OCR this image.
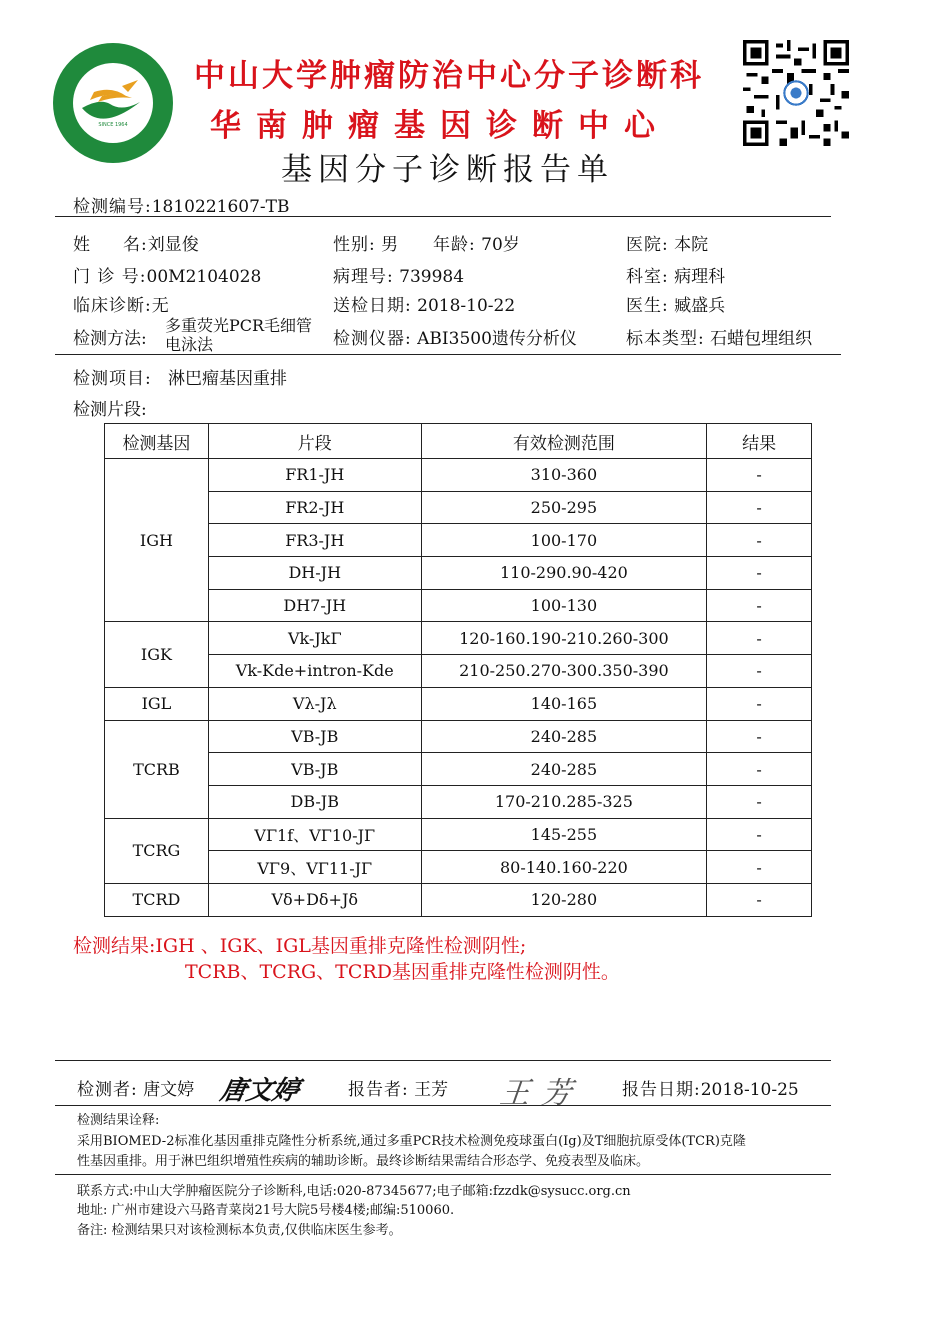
SINCE 1964
中山大学肿瘤防治中心分子诊断科
华南肿瘤基因诊断中心
基因分子诊断报告单
检测编号:1810221607-TB
姓     名:刘显俊	性别: 男 年龄: 70岁	医院: 本院
门 诊 号:00M2104028	病理号: 739984	科室: 病理科
临床诊断:无	送检日期: 2018-10-22	医生: 臧盛兵
检测方法:
多重荧光PCR毛细管
电泳法	检测仪器: ABI3500遗传分析仪	标本类型: 石蜡包埋组织
检测项目: 淋巴瘤基因重排
检测片段:
检测基因	片段	有效检测范围	结果
IGH	FR1-JH	310-360	-
	FR2-JH	250-295	-
	FR3-JH	100-170	-
	DH-JH	110-290.90-420	-
	DH7-JH	100-130	-
IGK	Vk-JkΓ	120-160.190-210.260-300	-
	Vk-Kde+intron-Kde	210-250.270-300.350-390	-
IGL	Vλ-Jλ	140-165	-
TCRB	VB-JB	240-285	-
	VB-JB	240-285	-
	DB-JB	170-210.285-325	-
TCRG	VΓ1f、VΓ10-JΓ	145-255	-
	VΓ9、VΓ11-JΓ	80-140.160-220	-
TCRD	Vδ+Dδ+Jδ	120-280	-
检测结果:IGH 、IGK、IGL基因重排克隆性检测阴性;
TCRB、TCRG、TCRD基因重排克隆性检测阴性。
检测者: 唐文婷 唐文婷	报告者: 王芳 王芳 报告日期:2018-10-25
检测结果诠释:
采用BIOMED-2标准化基因重排克隆性分析系统,通过多重PCR技术检测免疫球蛋白(Ig)及T细胞抗原受体(TCR)克隆
性基因重排。用于淋巴组织增殖性疾病的辅助诊断。最终诊断结果需结合形态学、免疫表型及临床。
联系方式:中山大学肿瘤医院分子诊断科,电话:020-87345677;电子邮箱:fzzdk@sysucc.org.cn
地址: 广州市建设六马路青菜岗21号大院5号楼4楼;邮编:510060.
备注: 检测结果只对该检测标本负责,仅供临床医生参考。
